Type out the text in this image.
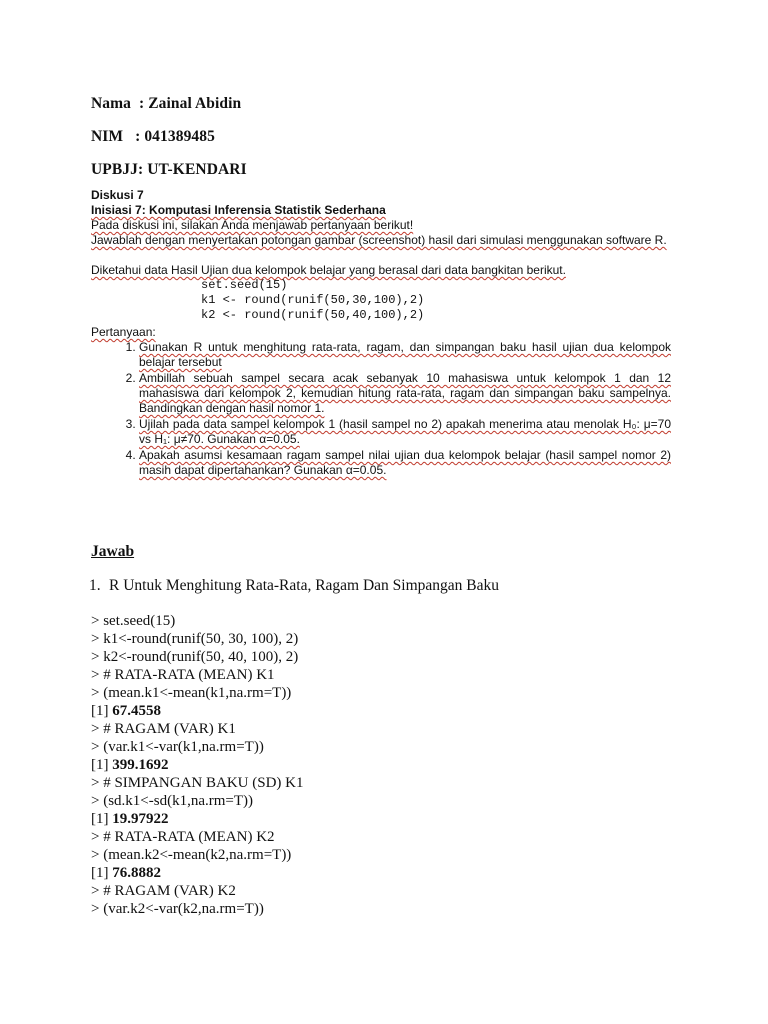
Nama  : Zainal Abidin
NIM   : 041389485
UPBJJ: UT-KENDARI

Diskusi 7

Inisiasi 7: Komputasi Inferensia Statistik Sederhana

Pada diskusi ini, silakan Anda menjawab pertanyaan berikut!

Jawablah dengan menyertakan potongan gambar (screenshot) hasil dari simulasi menggunakan software R.

Diketahui data Hasil Ujian dua kelompok belajar yang berasal dari data bangkitan berikut.

set.seed(15)
k1 <- round(runif(50,30,100),2)
k2 <- round(runif(50,40,100),2)

Pertanyaan:

1. Gunakan R untuk menghitung rata-rata, ragam, dan simpangan baku hasil ujian dua kelompok belajar tersebut
2. Ambillah sebuah sampel secara acak sebanyak 10 mahasiswa untuk kelompok 1 dan 12 mahasiswa dari kelompok 2, kemudian hitung rata-rata, ragam dan simpangan baku sampelnya. Bandingkan dengan hasil nomor 1.
3. Ujilah pada data sampel kelompok 1 (hasil sampel no 2) apakah menerima atau menolak H₀: μ=70 vs H₁: μ≠70. Gunakan α=0.05.
4. Apakah asumsi kesamaan ragam sampel nilai ujian dua kelompok belajar (hasil sampel nomor 2) masih dapat dipertahankan? Gunakan α=0.05.
Jawab
1. R Untuk Menghitung Rata-Rata, Ragam Dan Simpangan Baku
> set.seed(15)
> k1<-round(runif(50, 30, 100), 2)
> k2<-round(runif(50, 40, 100), 2)
> # RATA-RATA (MEAN) K1
> (mean.k1<-mean(k1,na.rm=T))
[1] 67.4558
> # RAGAM (VAR) K1
> (var.k1<-var(k1,na.rm=T))
[1] 399.1692
> # SIMPANGAN BAKU (SD) K1
> (sd.k1<-sd(k1,na.rm=T))
[1] 19.97922
> # RATA-RATA (MEAN) K2
> (mean.k2<-mean(k2,na.rm=T))
[1] 76.8882
> # RAGAM (VAR) K2
> (var.k2<-var(k2,na.rm=T))
